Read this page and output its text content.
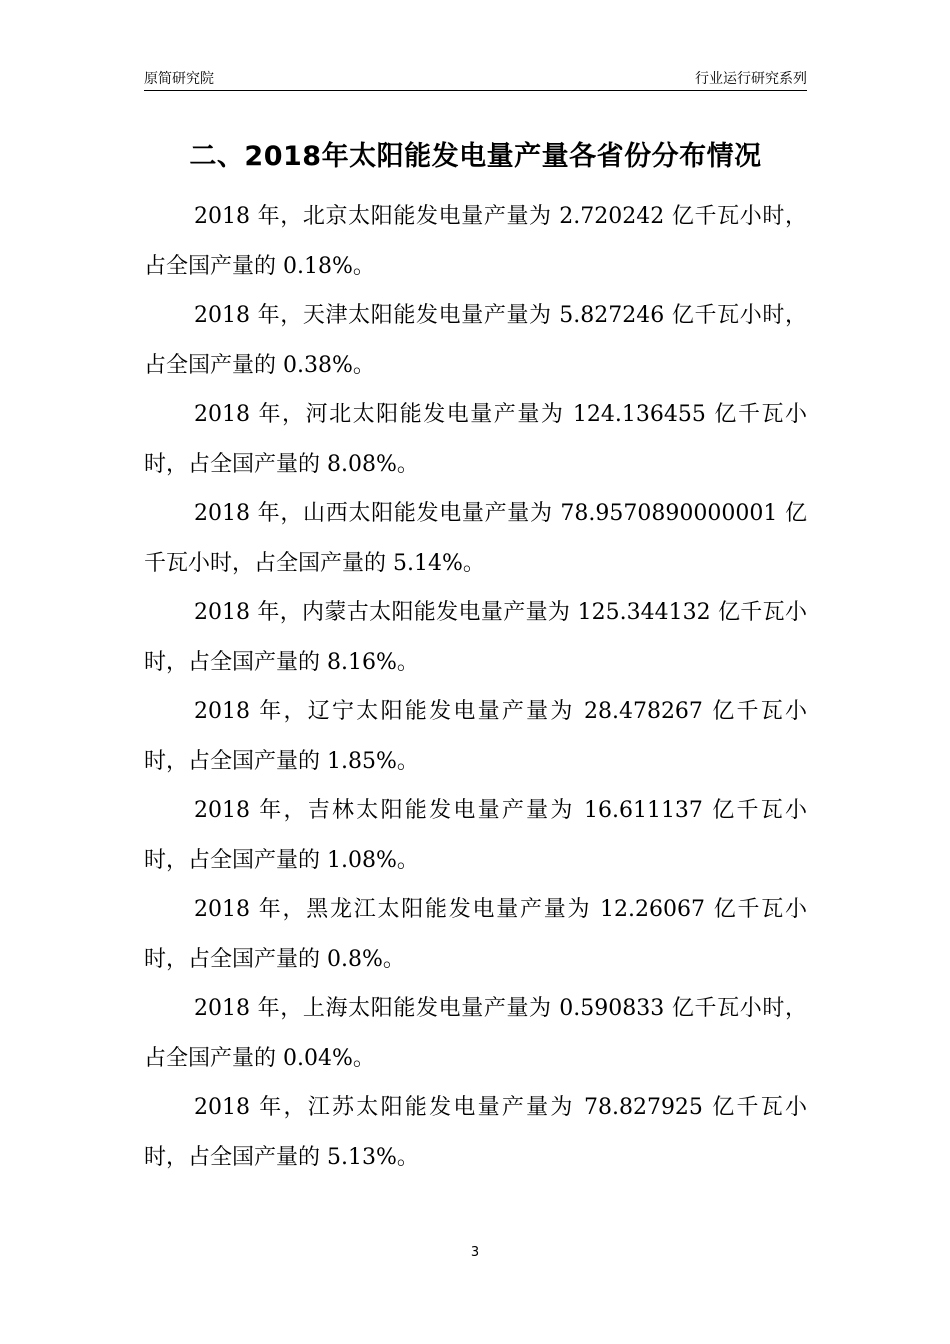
原简研究院	行业运行研究系列
二、2018年太阳能发电量产量各省份分布情况

2018 年，北京太阳能发电量产量为 2.720242 亿千瓦小时，占全国产量的 0.18%。

2018 年，天津太阳能发电量产量为 5.827246 亿千瓦小时，占全国产量的 0.38%。

2018 年，河北太阳能发电量产量为 124.136455 亿千瓦小时，占全国产量的 8.08%。

2018 年，山西太阳能发电量产量为 78.9570890000001 亿千瓦小时，占全国产量的 5.14%。

2018 年，内蒙古太阳能发电量产量为 125.344132 亿千瓦小时，占全国产量的 8.16%。

2018 年，辽宁太阳能发电量产量为 28.478267 亿千瓦小时，占全国产量的 1.85%。

2018 年，吉林太阳能发电量产量为 16.611137 亿千瓦小时，占全国产量的 1.08%。

2018 年，黑龙江太阳能发电量产量为 12.26067 亿千瓦小时，占全国产量的 0.8%。

2018 年，上海太阳能发电量产量为 0.590833 亿千瓦小时，占全国产量的 0.04%。

2018 年，江苏太阳能发电量产量为 78.827925 亿千瓦小时，占全国产量的 5.13%。

3
